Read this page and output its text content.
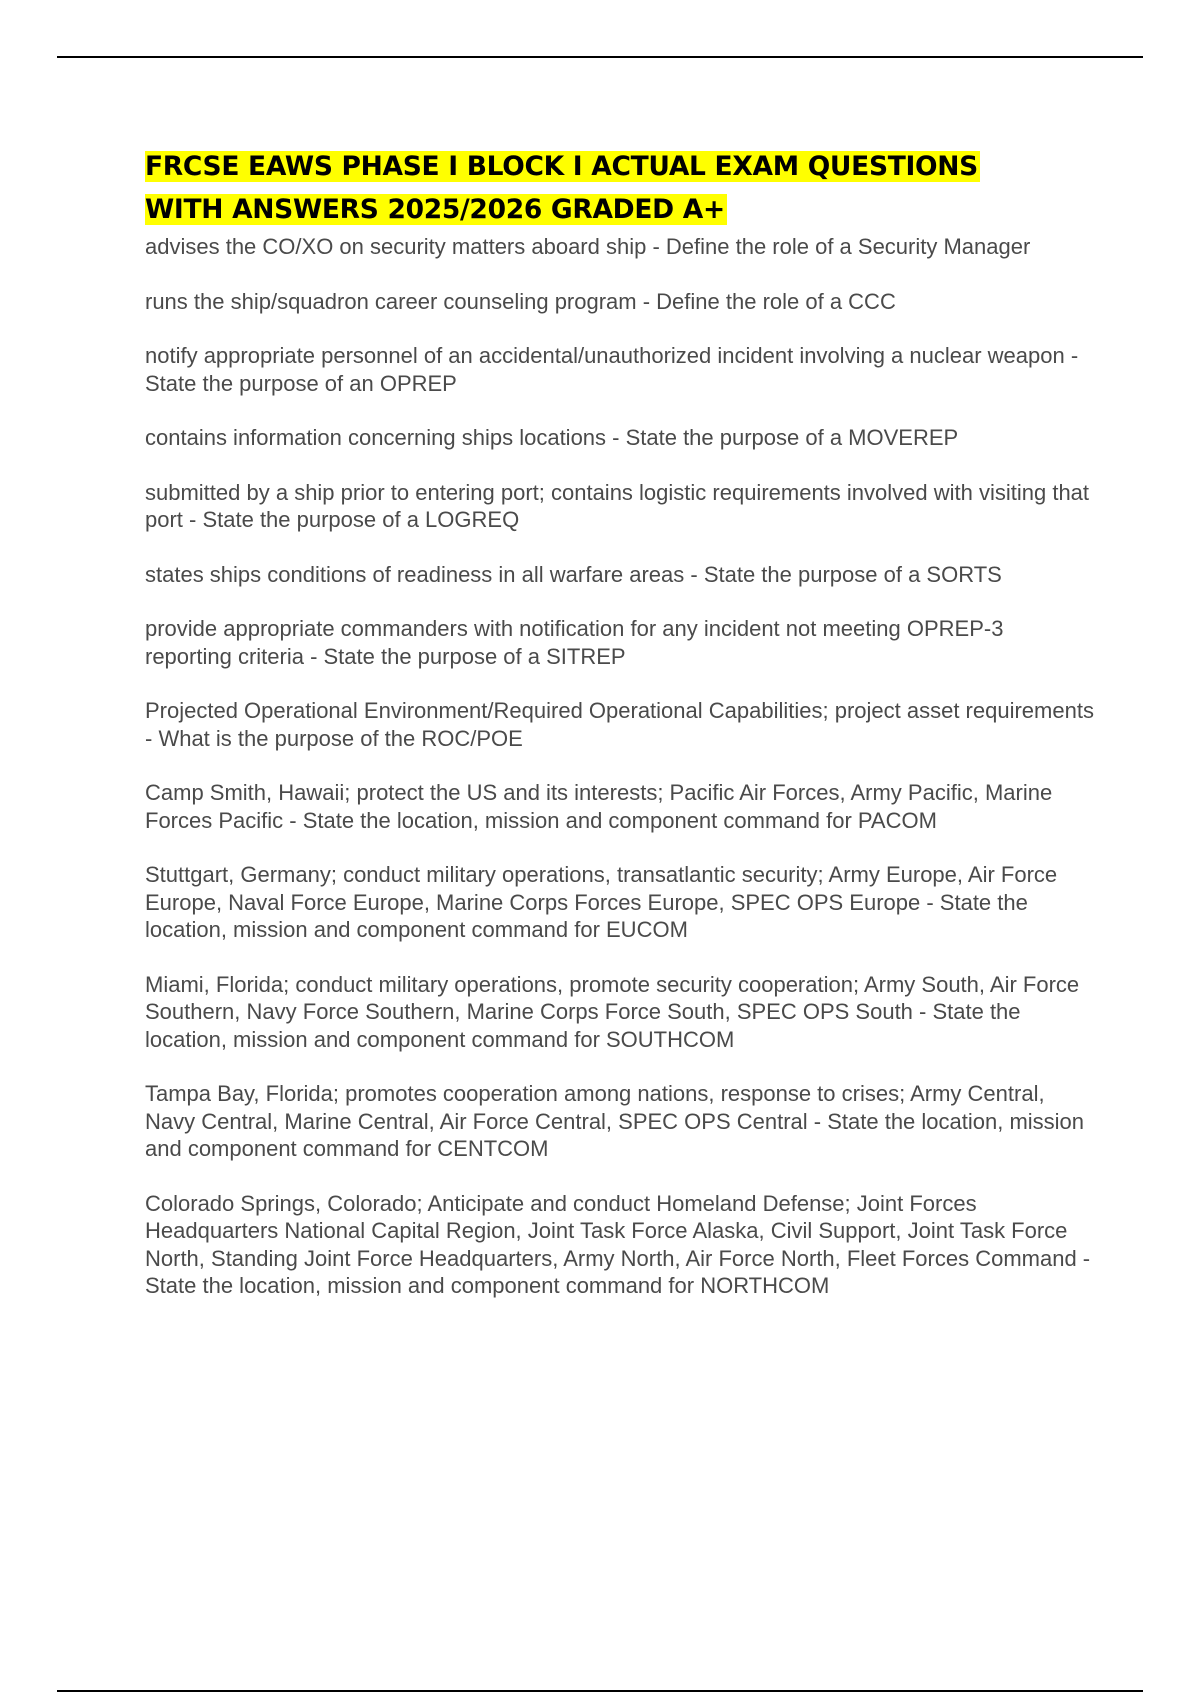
FRCSE EAWS PHASE I BLOCK I ACTUAL EXAM QUESTIONS
WITH ANSWERS 2025/2026 GRADED A+
advises the CO/XO on security matters aboard ship - Define the role of a Security Manager
runs the ship/squadron career counseling program - Define the role of a CCC
notify appropriate personnel of an accidental/unauthorized incident involving a nuclear weapon - State the purpose of an OPREP
contains information concerning ships locations - State the purpose of a MOVEREP
submitted by a ship prior to entering port; contains logistic requirements involved with visiting that port - State the purpose of a LOGREQ
states ships conditions of readiness in all warfare areas - State the purpose of a SORTS
provide appropriate commanders with notification for any incident not meeting OPREP-3 reporting criteria - State the purpose of a SITREP
Projected Operational Environment/Required Operational Capabilities; project asset requirements - What is the purpose of the ROC/POE
Camp Smith, Hawaii; protect the US and its interests; Pacific Air Forces, Army Pacific, Marine Forces Pacific - State the location, mission and component command for PACOM
Stuttgart, Germany; conduct military operations, transatlantic security; Army Europe, Air Force Europe, Naval Force Europe, Marine Corps Forces Europe, SPEC OPS Europe - State the location, mission and component command for EUCOM
Miami, Florida; conduct military operations, promote security cooperation; Army South, Air Force Southern, Navy Force Southern, Marine Corps Force South, SPEC OPS South - State the location, mission and component command for SOUTHCOM
Tampa Bay, Florida; promotes cooperation among nations, response to crises; Army Central, Navy Central, Marine Central, Air Force Central, SPEC OPS Central - State the location, mission and component command for CENTCOM
Colorado Springs, Colorado; Anticipate and conduct Homeland Defense; Joint Forces Headquarters National Capital Region, Joint Task Force Alaska, Civil Support, Joint Task Force North, Standing Joint Force Headquarters, Army North, Air Force North, Fleet Forces Command - State the location, mission and component command for NORTHCOM
